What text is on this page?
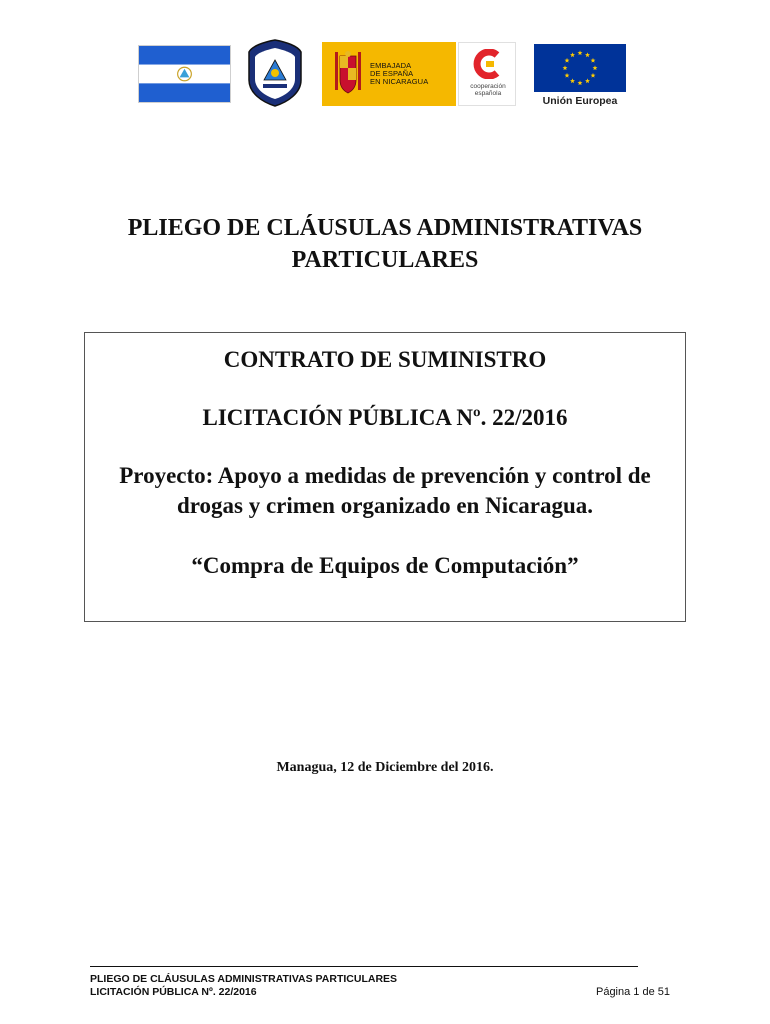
EMBAJADA
DE ESPAÑA
EN NICARAGUA
cooperación
española
Unión Europea
PLIEGO DE CLÁUSULAS ADMINISTRATIVAS
PARTICULARES

CONTRATO DE SUMINISTRO

LICITACIÓN PÚBLICA Nº. 22/2016

Proyecto: Apoyo a medidas de prevención y control de
drogas y crimen organizado en Nicaragua.

“Compra de Equipos de Computación”

Managua, 12 de Diciembre del 2016.
PLIEGO DE CLÁUSULAS ADMINISTRATIVAS PARTICULARES
LICITACIÓN PÚBLICA Nº. 22/2016	Página 1 de 51
